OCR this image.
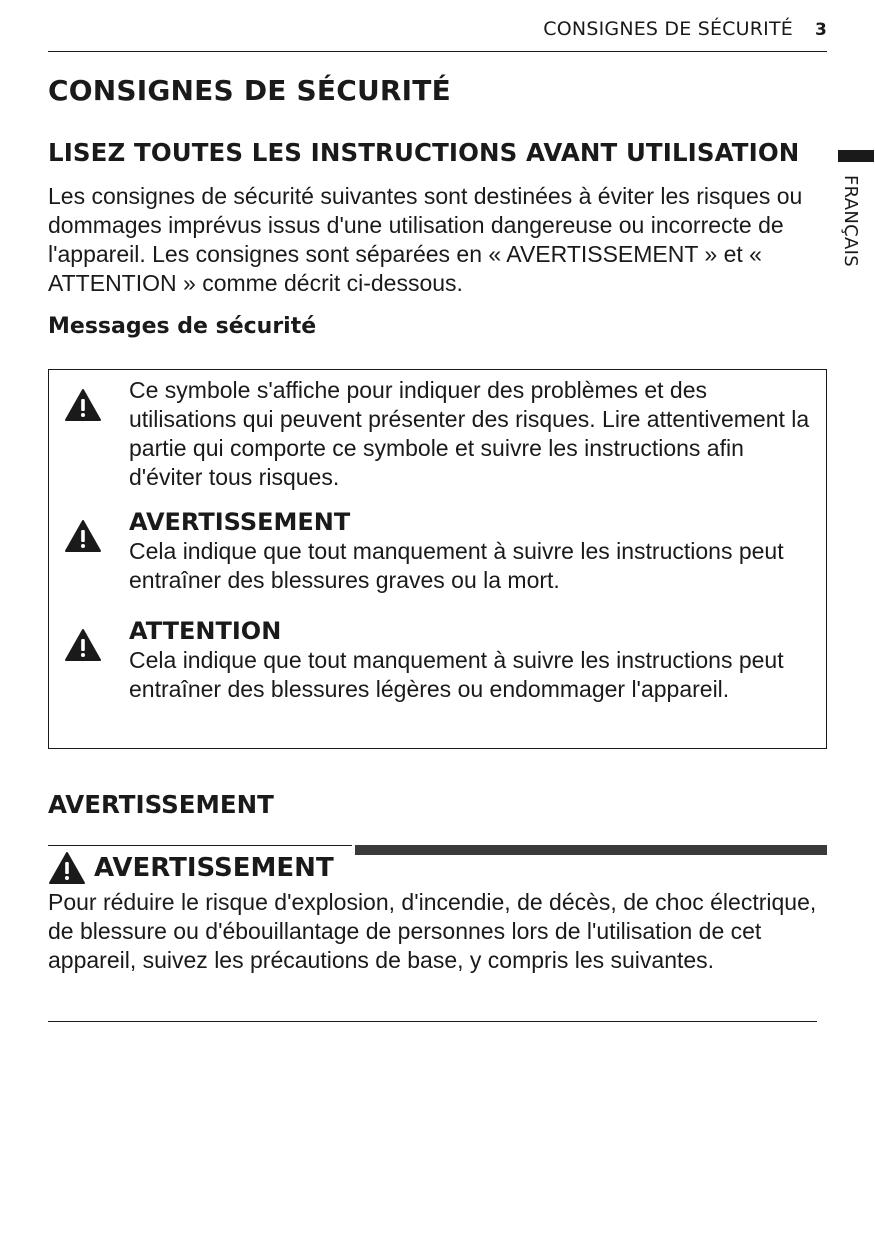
CONSIGNES DE SÉCURITÉ 3
FRANÇAIS
CONSIGNES DE SÉCURITÉ
LISEZ TOUTES LES INSTRUCTIONS AVANT UTILISATION

Les consignes de sécurité suivantes sont destinées à éviter les risques ou dommages imprévus issus d'une utilisation dangereuse ou incorrecte de l'appareil. Les consignes sont séparées en « AVERTISSEMENT » et « ATTENTION » comme décrit ci-dessous.

Messages de sécurité

Ce symbole s'affiche pour indiquer des problèmes et des utilisations qui peuvent présenter des risques. Lire attentivement la partie qui comporte ce symbole et suivre les instructions afin d'éviter tous risques.

AVERTISSEMENT

Cela indique que tout manquement à suivre les instructions peut entraîner des blessures graves ou la mort.

ATTENTION

Cela indique que tout manquement à suivre les instructions peut entraîner des blessures légères ou endommager l'appareil.

AVERTISSEMENT
AVERTISSEMENT

Pour réduire le risque d'explosion, d'incendie, de décès, de choc électrique, de blessure ou d'ébouillantage de personnes lors de l'utilisation de cet appareil, suivez les précautions de base, y compris les suivantes.
